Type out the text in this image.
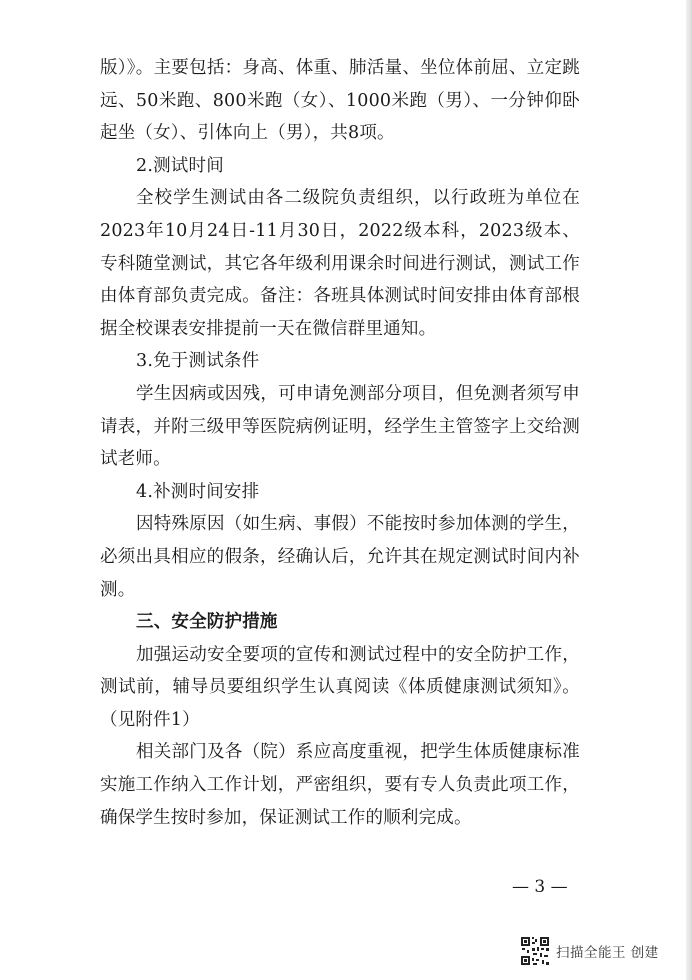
版）》。主要包括：身高、体重、肺活量、坐位体前屈、立定跳远、50米跑、800米跑（女）、1000米跑（男）、一分钟仰卧起坐（女）、引体向上（男），共8项。

2.测试时间

全校学生测试由各二级院负责组织，以行政班为单位在2023年10月24日-11月30日，2022级本科，2023级本、专科随堂测试，其它各年级利用课余时间进行测试，测试工作由体育部负责完成。备注：各班具体测试时间安排由体育部根据全校课表安排提前一天在微信群里通知。

3.免于测试条件

学生因病或因残，可申请免测部分项目，但免测者须写申请表，并附三级甲等医院病例证明，经学生主管签字上交给测试老师。

4.补测时间安排

因特殊原因（如生病、事假）不能按时参加体测的学生，必须出具相应的假条，经确认后，允许其在规定测试时间内补测。

三、安全防护措施

加强运动安全要项的宣传和测试过程中的安全防护工作，测试前，辅导员要组织学生认真阅读《体质健康测试须知》。（见附件1）

相关部门及各（院）系应高度重视，把学生体质健康标准实施工作纳入工作计划，严密组织，要有专人负责此项工作，确保学生按时参加，保证测试工作的顺利完成。

— 3 —
扫描全能王 创建
